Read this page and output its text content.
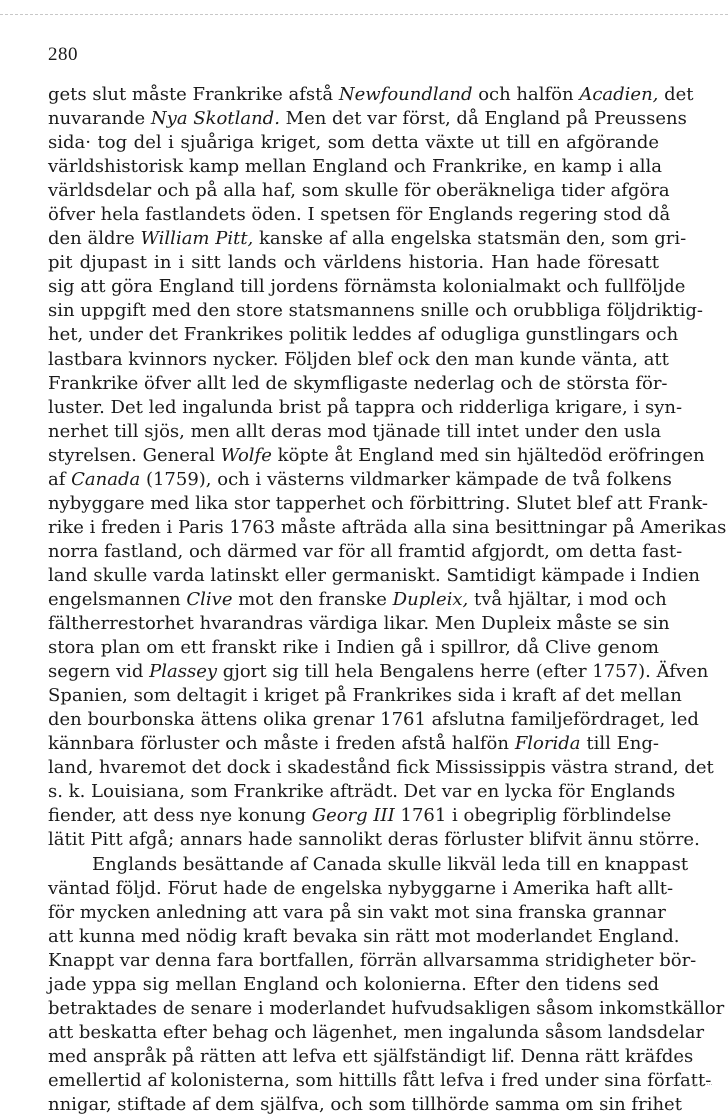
280
gets slut måste Frankrike afstå Newfoundland och halfön Acadien, det
nuvarande Nya Skotland. Men det var först, då England på Preussens
sida· tog del i sjuåriga kriget, som detta växte ut till en afgörande
världshistorisk kamp mellan England och Frankrike, en kamp i alla
världsdelar och på alla haf, som skulle för oberäkneliga tider afgöra
öfver hela fastlandets öden. I spetsen för Englands regering stod då
den äldre William Pitt, kanske af alla engelska statsmän den, som gri-
pit djupast in i sitt lands och världens historia. Han hade föresatt
sig att göra England till jordens förnämsta kolonialmakt och fullföljde
sin uppgift med den store statsmannens snille och orubbliga följdriktig-
het, under det Frankrikes politik leddes af odugliga gunstlingars och
lastbara kvinnors nycker. Följden blef ock den man kunde vänta, att
Frankrike öfver allt led de skymfligaste nederlag och de största för-
luster. Det led ingalunda brist på tappra och ridderliga krigare, i syn-
nerhet till sjös, men allt deras mod tjänade till intet under den usla
styrelsen. General Wolfe köpte åt England med sin hjältedöd eröfringen
af Canada (1759), och i västerns vildmarker kämpade de två folkens
nybyggare med lika stor tapperhet och förbittring. Slutet blef att Frank-
rike i freden i Paris 1763 måste afträda alla sina besittningar på Amerikas
norra fastland, och därmed var för all framtid afgjordt, om detta fast-
land skulle varda latinskt eller germaniskt. Samtidigt kämpade i Indien
engelsmannen Clive mot den franske Dupleix, två hjältar, i mod och
fältherrestorhet hvarandras värdiga likar. Men Dupleix måste se sin
stora plan om ett franskt rike i Indien gå i spillror, då Clive genom
segern vid Plassey gjort sig till hela Bengalens herre (efter 1757). Äfven
Spanien, som deltagit i kriget på Frankrikes sida i kraft af det mellan
den bourbonska ättens olika grenar 1761 afslutna familjefördraget, led
kännbara förluster och måste i freden afstå halfön Florida till Eng-
land, hvaremot det dock i skadestånd fick Mississippis västra strand, det
s. k. Louisiana, som Frankrike afträdt. Det var en lycka för Englands
fiender, att dess nye konung Georg III 1761 i obegriplig förblindelse
lätit Pitt afgå; annars hade sannolikt deras förluster blifvit ännu större.
Englands besättande af Canada skulle likväl leda till en knappast
väntad följd. Förut hade de engelska nybyggarne i Amerika haft allt-
för mycken anledning att vara på sin vakt mot sina franska grannar
att kunna med nödig kraft bevaka sin rätt mot moderlandet England.
Knappt var denna fara bortfallen, förrän allvarsamma stridigheter bör-
jade yppa sig mellan England och kolonierna. Efter den tidens sed
betraktades de senare i moderlandet hufvudsakligen såsom inkomstkällor
att beskatta efter behag och lägenhet, men ingalunda såsom landsdelar
med anspråk på rätten att lefva ett själfständigt lif. Denna rätt kräfdes
emellertid af kolonisterna, som hittills fått lefva i fred under sina författ-
nnigar, stiftade af dem själfva, och som tillhörde samma om sin frihet
